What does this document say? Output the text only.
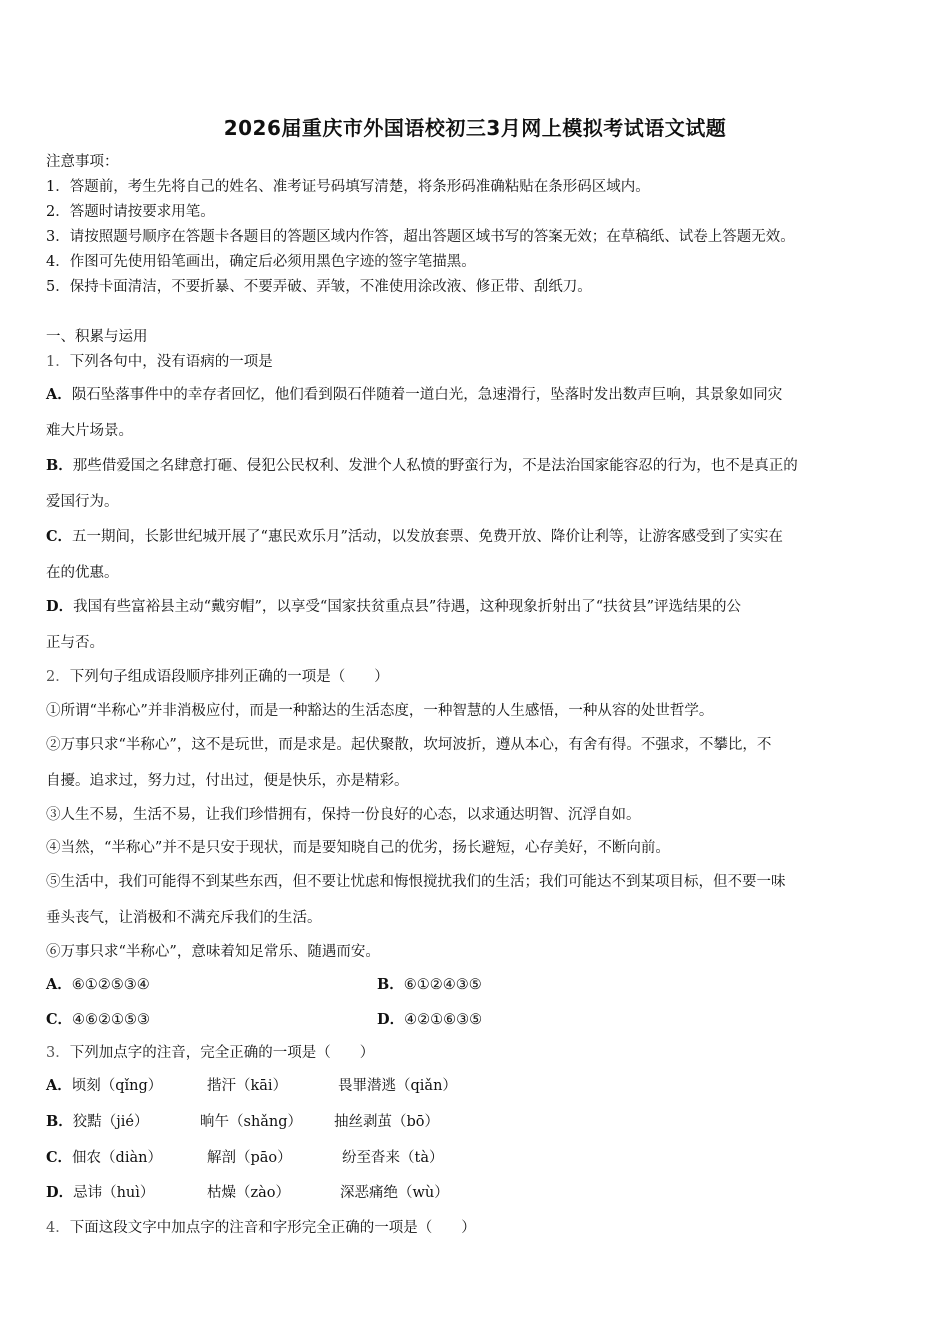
2026届重庆市外国语校初三3月网上模拟考试语文试题
注意事项：
1．答题前，考生先将自己的姓名、准考证号码填写清楚，将条形码准确粘贴在条形码区域内。
2．答题时请按要求用笔。
3．请按照题号顺序在答题卡各题目的答题区域内作答，超出答题区域书写的答案无效；在草稿纸、试卷上答题无效。
4．作图可先使用铅笔画出，确定后必须用黑色字迹的签字笔描黑。
5．保持卡面清洁，不要折暴、不要弄破、弄皱，不准使用涂改液、修正带、刮纸刀。
一、积累与运用
1．下列各句中，没有语病的一项是
A．陨石坠落事件中的幸存者回忆，他们看到陨石伴随着一道白光，急速滑行，坠落时发出数声巨响，其景象如同灾
难大片场景。
B．那些借爱国之名肆意打砸、侵犯公民权利、发泄个人私愤的野蛮行为，不是法治国家能容忍的行为，也不是真正的
爱国行为。
C．五一期间，长影世纪城开展了“惠民欢乐月”活动，以发放套票、免费开放、降价让利等，让游客感受到了实实在
在的优惠。
D．我国有些富裕县主动“戴穷帽”，以享受“国家扶贫重点县”待遇，这种现象折射出了“扶贫县”评选结果的公
正与否。
2．下列句子组成语段顺序排列正确的一项是（　　）
①所谓“半称心”并非消极应付，而是一种豁达的生活态度，一种智慧的人生感悟，一种从容的处世哲学。
②万事只求“半称心”，这不是玩世，而是求是。起伏聚散，坎坷波折，遵从本心，有舍有得。不强求，不攀比，不
自擾。追求过，努力过，付出过，便是快乐，亦是精彩。
③人生不易，生活不易，让我们珍惜拥有，保持一份良好的心态，以求通达明智、沉浮自如。
④当然，“半称心”并不是只安于现状，而是要知晓自己的优劣，扬长避短，心存美好，不断向前。
⑤生活中，我们可能得不到某些东西，但不要让忧虑和悔恨搅扰我们的生活；我们可能达不到某项目标，但不要一味
垂头丧气，让消极和不满充斥我们的生活。
⑥万事只求“半称心”，意味着知足常乐、随遇而安。
A．⑥①②⑤③④	B．⑥①②④③⑤
C．④⑥②①⑤③	D．④②①⑥③⑤
3．下列加点字的注音，完全正确的一项是（　　）
A．顷刻（qǐng）	揩汗（kāi）	畏罪潜逃（qiǎn）
B．狡黠（jié）	晌午（shǎng） 抽丝剥茧（bō）
C．佃农（diàn）	解剖（pāo）	纷至沓来（tà）
D．忌讳（huì）	枯燥（zào）	深恶痛绝（wù）
4．下面这段文字中加点字的注音和字形完全正确的一项是（　　）
